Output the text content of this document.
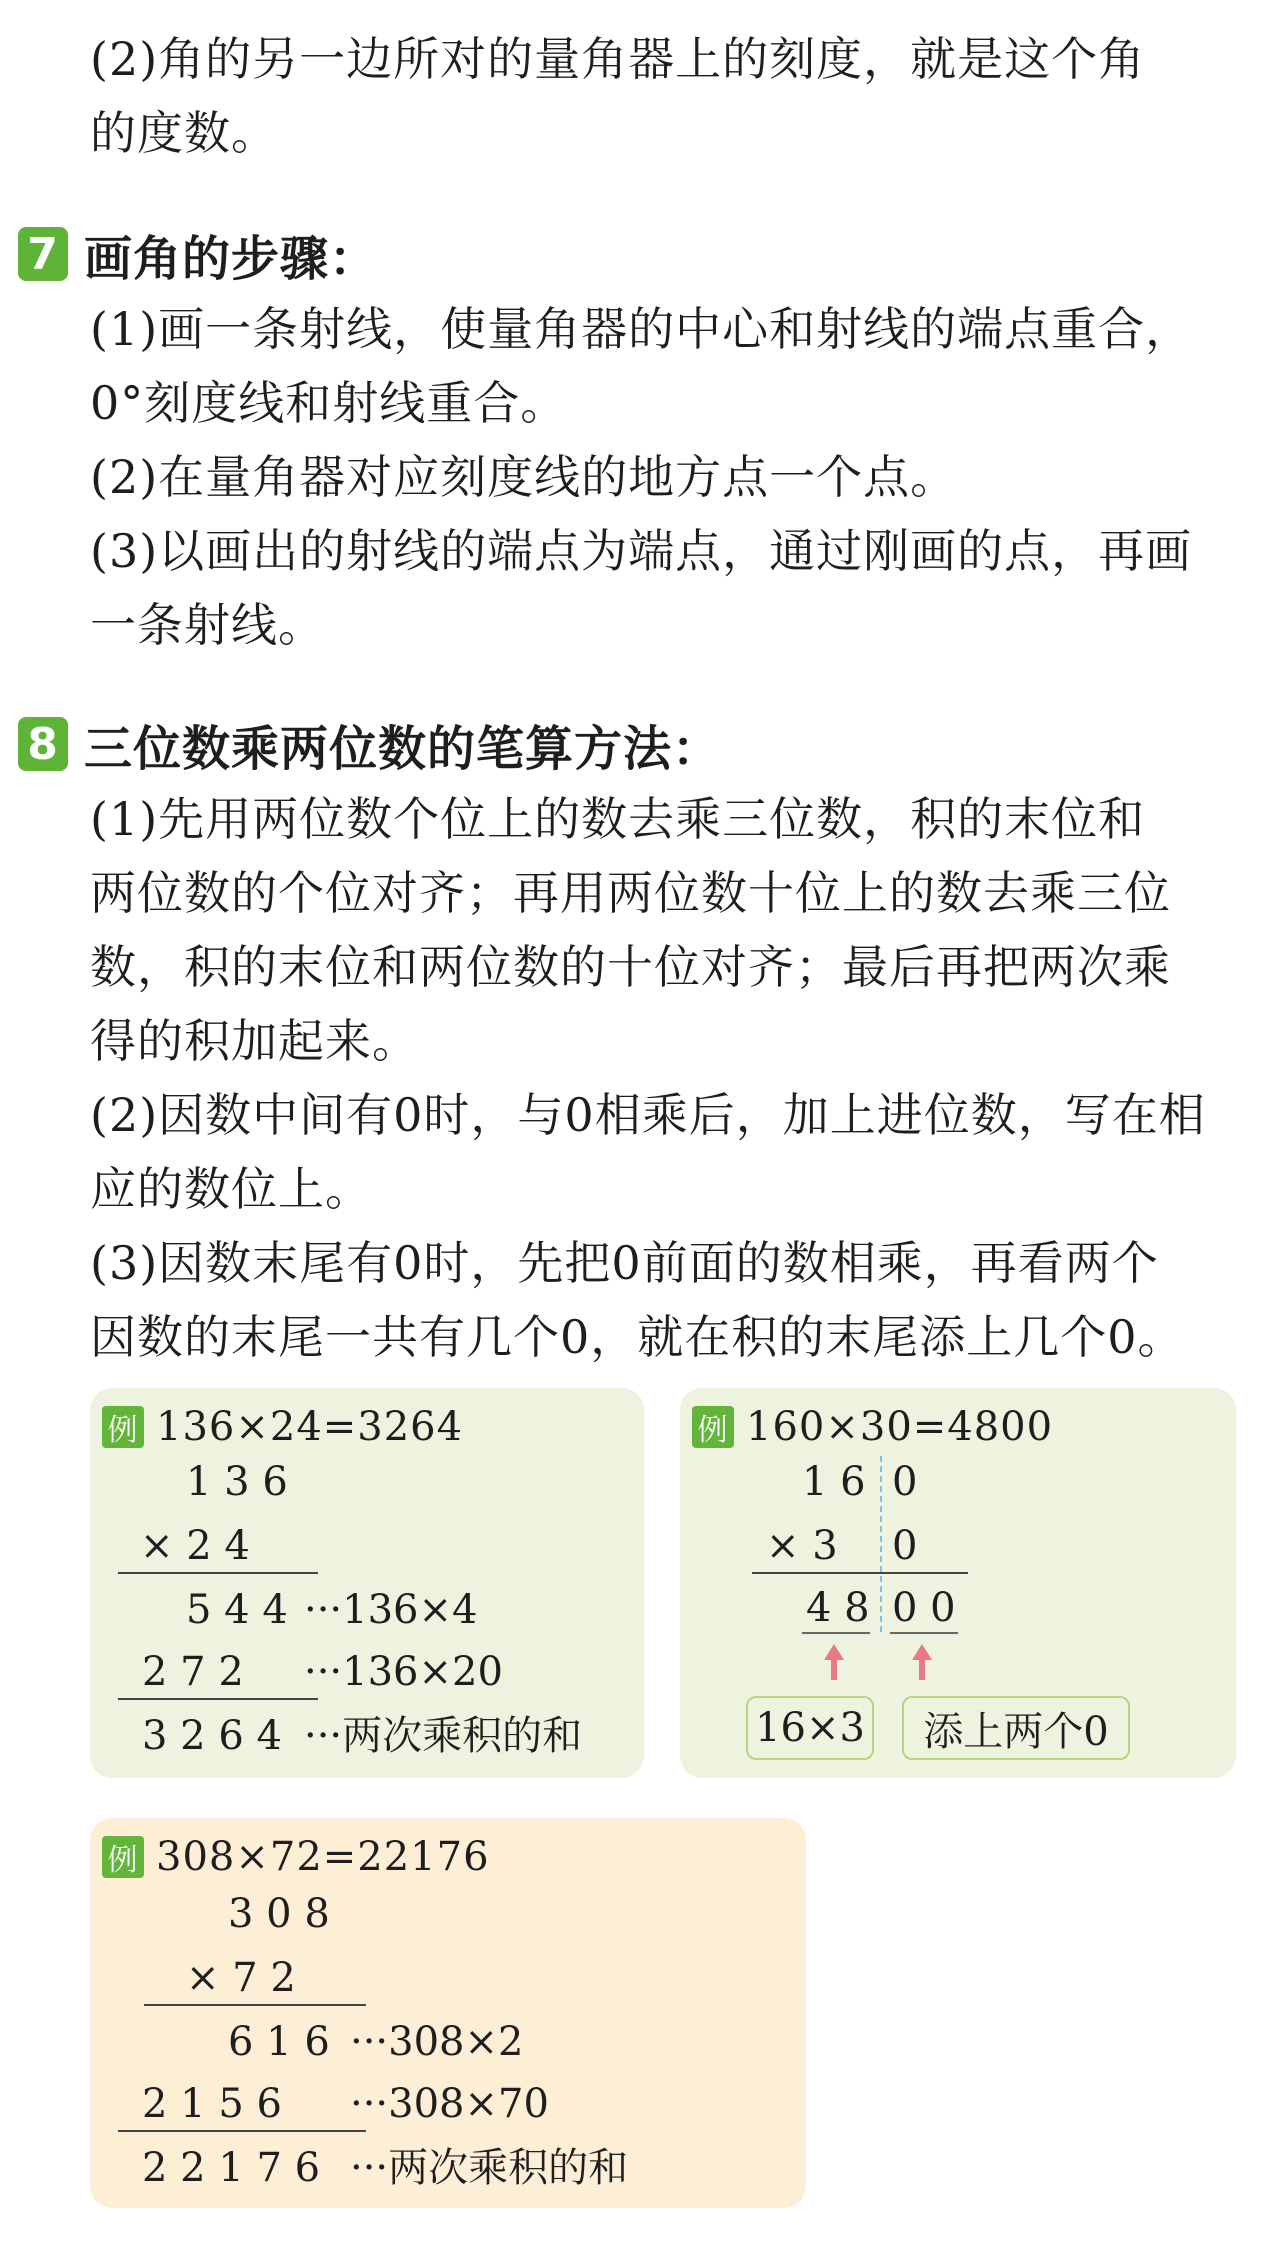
(2)角的另一边所对的量角器上的刻度，就是这个角

的度数。

7 画角的步骤：

(1)画一条射线，使量角器的中心和射线的端点重合，

0°刻度线和射线重合。

(2)在量角器对应刻度线的地方点一个点。

(3)以画出的射线的端点为端点，通过刚画的点，再画

一条射线。

8 三位数乘两位数的笔算方法：

(1)先用两位数个位上的数去乘三位数，积的末位和

两位数的个位对齐；再用两位数十位上的数去乘三位

数，积的末位和两位数的十位对齐；最后再把两次乘

得的积加起来。

(2)因数中间有0时，与0相乘后，加上进位数，写在相

应的数位上。

(3)因数末尾有0时，先把0前面的数相乘，再看两个

因数的末尾一共有几个0，就在积的末尾添上几个0。

例 136×24=3264
1 3 6
× 2 4
5 4 4 ···136×4
2 7 2 ···136×20
3 2 6 4 ···两次乘积的和
例 160×30=4800
1 6 0
× 3 0
4 8 0 0
16×3	添上两个0
例 308×72=22176
3 0 8
× 7 2
6 1 6 ···308×2
2 1 5 6 ···308×70
2 2 1 7 6 ···两次乘积的和
